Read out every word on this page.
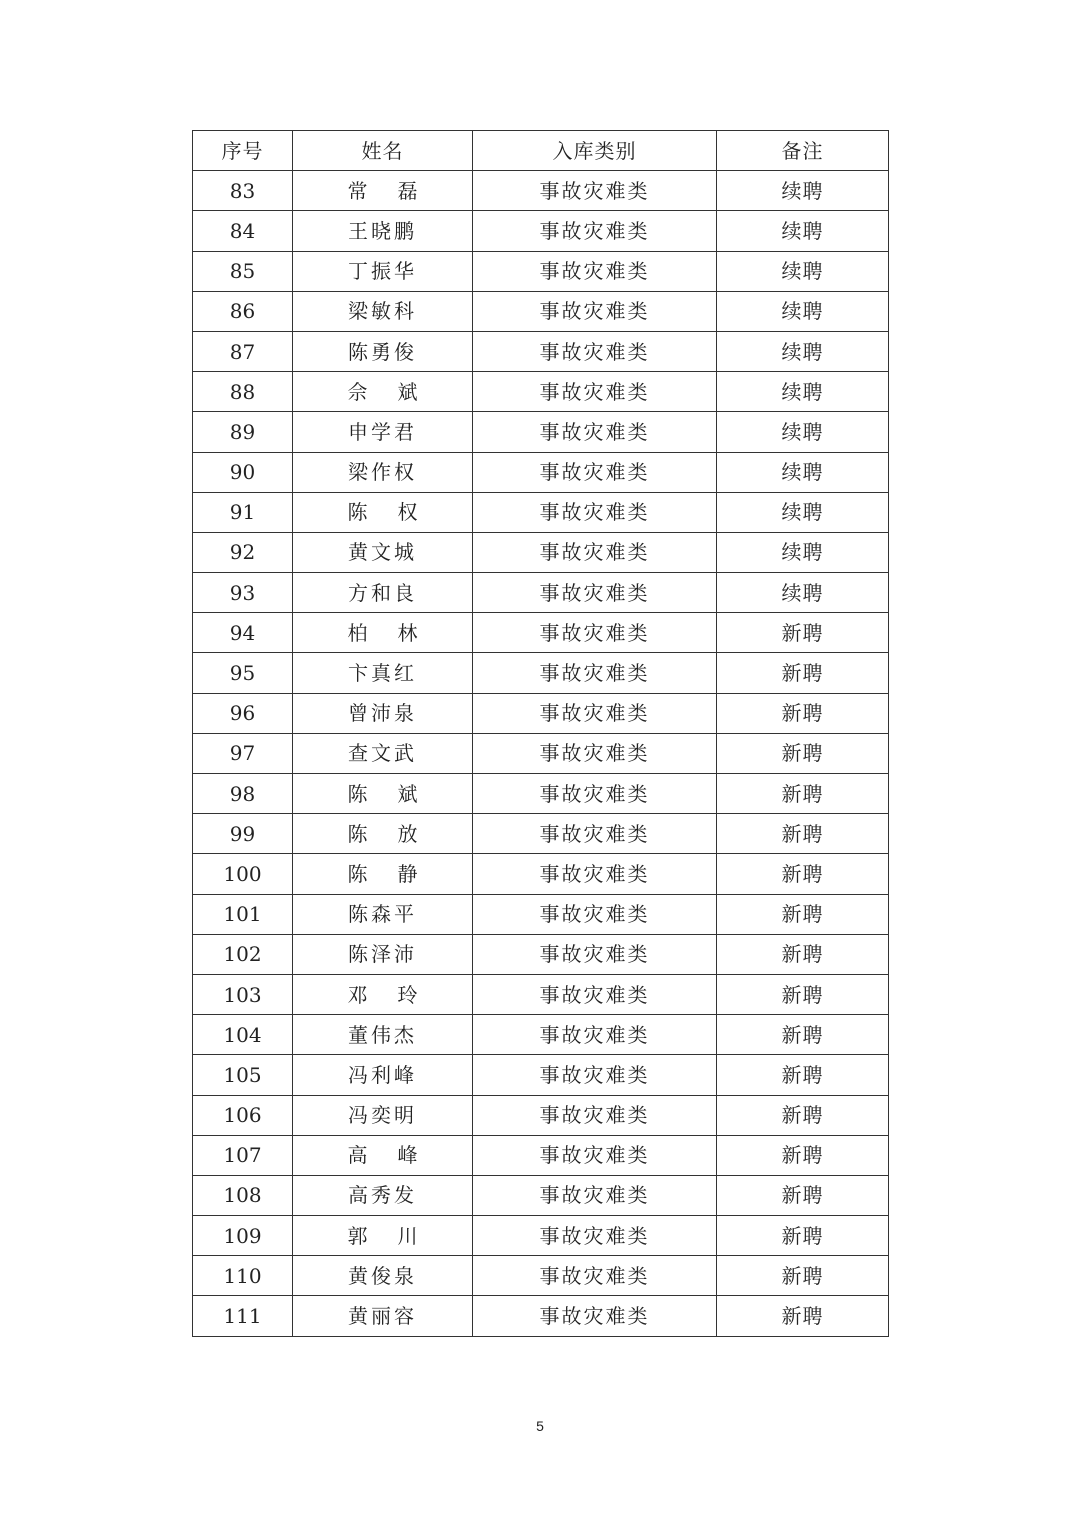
序号	姓名	入库类别	备注
83	常磊	事故灾难类	续聘
84	王晓鹏	事故灾难类	续聘
85	丁振华	事故灾难类	续聘
86	梁敏科	事故灾难类	续聘
87	陈勇俊	事故灾难类	续聘
88	佘斌	事故灾难类	续聘
89	申学君	事故灾难类	续聘
90	梁作权	事故灾难类	续聘
91	陈权	事故灾难类	续聘
92	黄文城	事故灾难类	续聘
93	方和良	事故灾难类	续聘
94	柏林	事故灾难类	新聘
95	卞真红	事故灾难类	新聘
96	曾沛泉	事故灾难类	新聘
97	查文武	事故灾难类	新聘
98	陈斌	事故灾难类	新聘
99	陈放	事故灾难类	新聘
100	陈静	事故灾难类	新聘
101	陈森平	事故灾难类	新聘
102	陈泽沛	事故灾难类	新聘
103	邓玲	事故灾难类	新聘
104	董伟杰	事故灾难类	新聘
105	冯利峰	事故灾难类	新聘
106	冯奕明	事故灾难类	新聘
107	高峰	事故灾难类	新聘
108	高秀发	事故灾难类	新聘
109	郭川	事故灾难类	新聘
110	黄俊泉	事故灾难类	新聘
111	黄丽容	事故灾难类	新聘
5
